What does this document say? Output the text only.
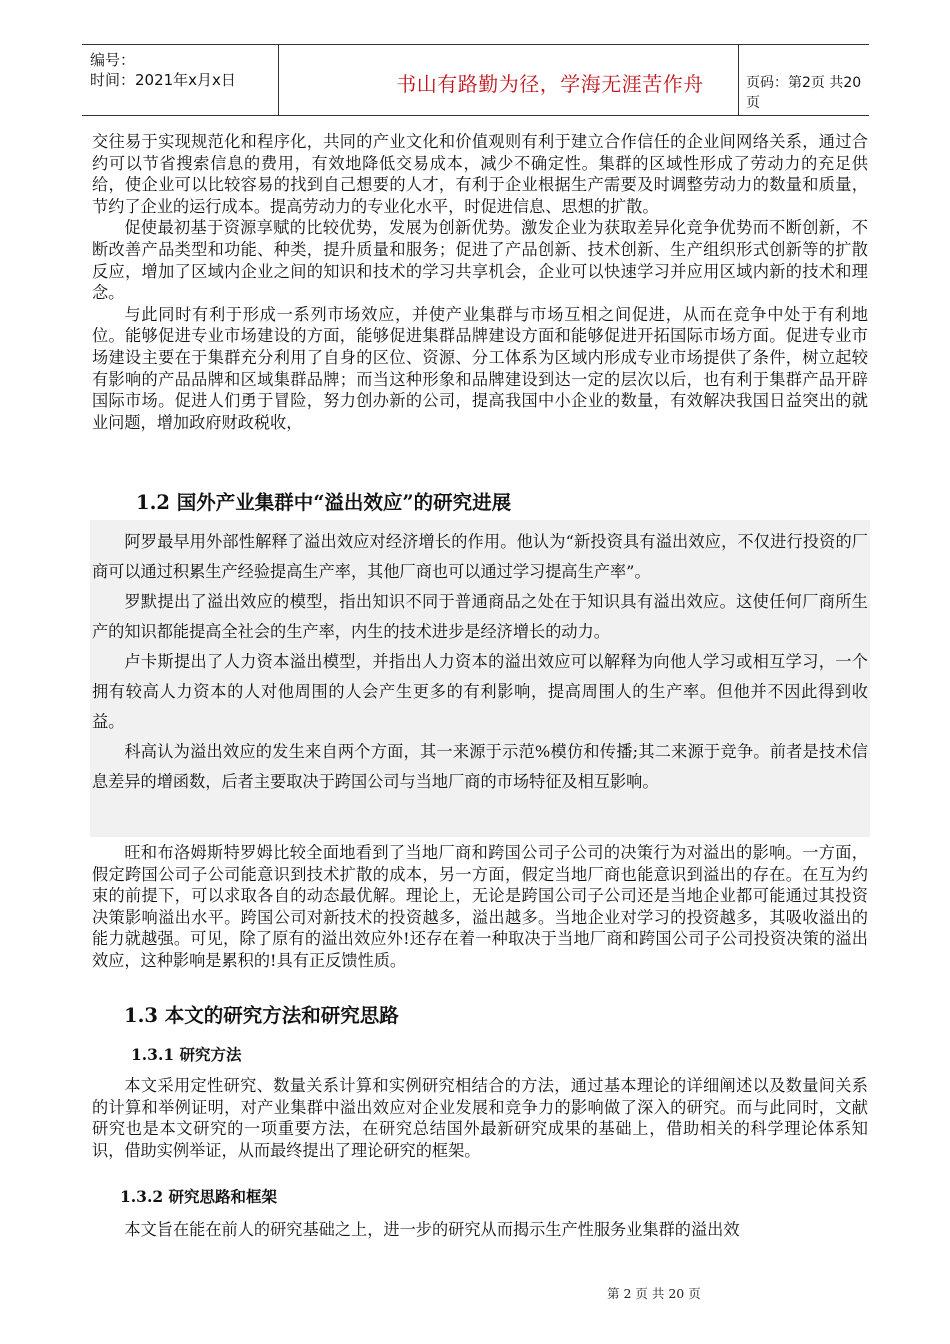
编号：
时间：2021年x月x日	书山有路勤为径，学海无涯苦作舟	页码：第2页 共20页

交往易于实现规范化和程序化，共同的产业文化和价值观则有利于建立合作信任的企业间网络关系，通过合约可以节省搜索信息的费用，有效地降低交易成本，减少不确定性。集群的区域性形成了劳动力的充足供给，使企业可以比较容易的找到自己想要的人才，有利于企业根据生产需要及时调整劳动力的数量和质量，节约了企业的运行成本。提高劳动力的专业化水平，时促进信息、思想的扩散。

促使最初基于资源享赋的比较优势，发展为创新优势。激发企业为获取差异化竞争优势而不断创新，不断改善产品类型和功能、种类，提升质量和服务；促进了产品创新、技术创新、生产组织形式创新等的扩散反应，增加了区域内企业之间的知识和技术的学习共享机会，企业可以快速学习并应用区域内新的技术和理念。

与此同时有利于形成一系列市场效应，并使产业集群与市场互相之间促进，从而在竞争中处于有利地位。能够促进专业市场建设的方面，能够促进集群品牌建设方面和能够促进开拓国际市场方面。促进专业市场建设主要在于集群充分利用了自身的区位、资源、分工体系为区域内形成专业市场提供了条件，树立起较有影响的产品品牌和区域集群品牌；而当这种形象和品牌建设到达一定的层次以后，也有利于集群产品开辟国际市场。促进人们勇于冒险，努力创办新的公司，提高我国中小企业的数量，有效解决我国日益突出的就业问题，增加政府财政税收，

1.2 国外产业集群中“溢出效应”的研究进展

阿罗最早用外部性解释了溢出效应对经济增长的作用。他认为“新投资具有溢出效应，不仅进行投资的厂商可以通过积累生产经验提高生产率，其他厂商也可以通过学习提高生产率”。

罗默提出了溢出效应的模型，指出知识不同于普通商品之处在于知识具有溢出效应。这使任何厂商所生产的知识都能提高全社会的生产率，内生的技术进步是经济增长的动力。

卢卡斯提出了人力资本溢出模型，并指出人力资本的溢出效应可以解释为向他人学习或相互学习，一个拥有较高人力资本的人对他周围的人会产生更多的有利影响，提高周围人的生产率。但他并不因此得到收益。

科高认为溢出效应的发生来自两个方面，其一来源于示范%模仿和传播;其二来源于竞争。前者是技术信息差异的增函数，后者主要取决于跨国公司与当地厂商的市场特征及相互影响。

旺和布洛姆斯特罗姆比较全面地看到了当地厂商和跨国公司子公司的决策行为对溢出的影响。一方面，假定跨国公司子公司能意识到技术扩散的成本，另一方面，假定当地厂商也能意识到溢出的存在。在互为约束的前提下，可以求取各自的动态最优解。理论上，无论是跨国公司子公司还是当地企业都可能通过其投资决策影响溢出水平。跨国公司对新技术的投资越多，溢出越多。当地企业对学习的投资越多，其吸收溢出的能力就越强。可见，除了原有的溢出效应外!还存在着一种取决于当地厂商和跨国公司子公司投资决策的溢出效应，这种影响是累积的!具有正反馈性质。

1.3 本文的研究方法和研究思路
1.3.1 研究方法

本文采用定性研究、数量关系计算和实例研究相结合的方法，通过基本理论的详细阐述以及数量间关系的计算和举例证明，对产业集群中溢出效应对企业发展和竞争力的影响做了深入的研究。而与此同时，文献研究也是本文研究的一项重要方法，在研究总结国外最新研究成果的基础上，借助相关的科学理论体系知识，借助实例举证，从而最终提出了理论研究的框架。

1.3.2 研究思路和框架

本文旨在能在前人的研究基础之上，进一步的研究从而揭示生产性服务业集群的溢出效

第 2 页 共 20 页
